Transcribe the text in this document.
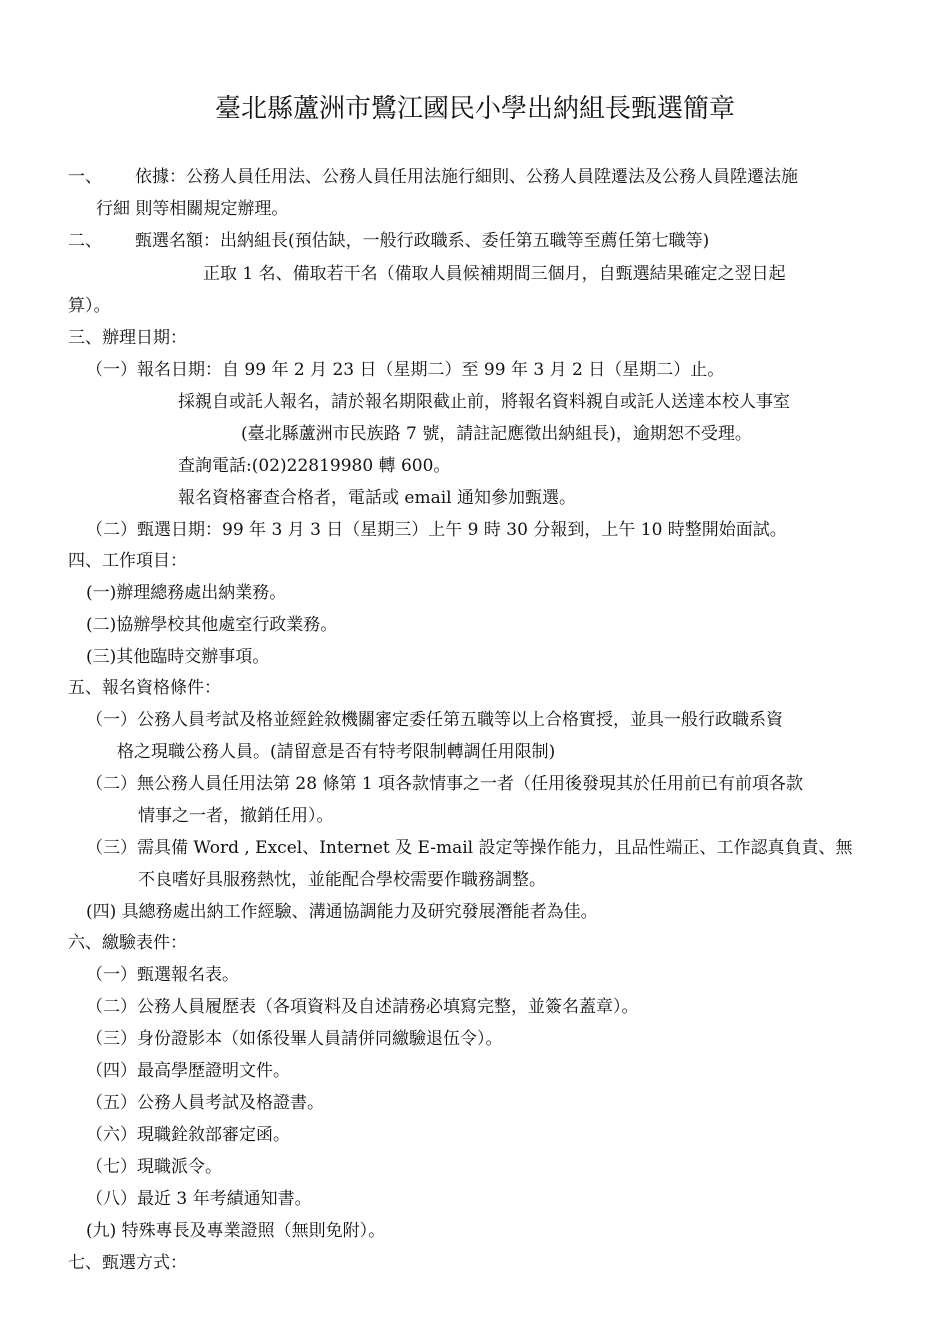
臺北縣蘆洲市鷺江國民小學出納組長甄選簡章
一、 依據：公務人員任用法、公務人員任用法施行細則、公務人員陞遷法及公務人員陞遷法施
行細 則等相關規定辦理。
二、 甄選名額：出納組長(預估缺，一般行政職系、委任第五職等至薦任第七職等)
正取 1 名、備取若干名（備取人員候補期間三個月，自甄選結果確定之翌日起
算）。
三、辦理日期：
（一）報名日期：自 99 年 2 月 23 日（星期二）至 99 年 3 月 2 日（星期二）止。
採親自或託人報名，請於報名期限截止前，將報名資料親自或託人送達本校人事室
(臺北縣蘆洲市民族路 7 號，請註記應徵出納組長)，逾期恕不受理。
查詢電話:(02)22819980 轉 600。
報名資格審查合格者，電話或 email 通知參加甄選。
（二）甄選日期：99 年 3 月 3 日（星期三）上午 9 時 30 分報到，上午 10 時整開始面試。
四、工作項目：
(一)辦理總務處出納業務。
(二)協辦學校其他處室行政業務。
(三)其他臨時交辦事項。
五、報名資格條件：
（一）公務人員考試及格並經銓敘機關審定委任第五職等以上合格實授，並具一般行政職系資
格之現職公務人員。(請留意是否有特考限制轉調任用限制)
（二）無公務人員任用法第 28 條第 1 項各款情事之一者（任用後發現其於任用前已有前項各款
情事之一者，撤銷任用）。
（三）需具備 Word , Excel、Internet 及 E-mail 設定等操作能力，且品性端正、工作認真負責、無
不良嗜好具服務熱忱，並能配合學校需要作職務調整。
(四) 具總務處出納工作經驗、溝通協調能力及研究發展潛能者為佳。
六、繳驗表件：
（一）甄選報名表。
（二）公務人員履歷表（各項資料及自述請務必填寫完整，並簽名蓋章）。
（三）身份證影本（如係役畢人員請併同繳驗退伍令）。
（四）最高學歷證明文件。
（五）公務人員考試及格證書。
（六）現職銓敘部審定函。
（七）現職派令。
（八）最近 3 年考績通知書。
(九) 特殊專長及專業證照（無則免附）。
七、甄選方式：
